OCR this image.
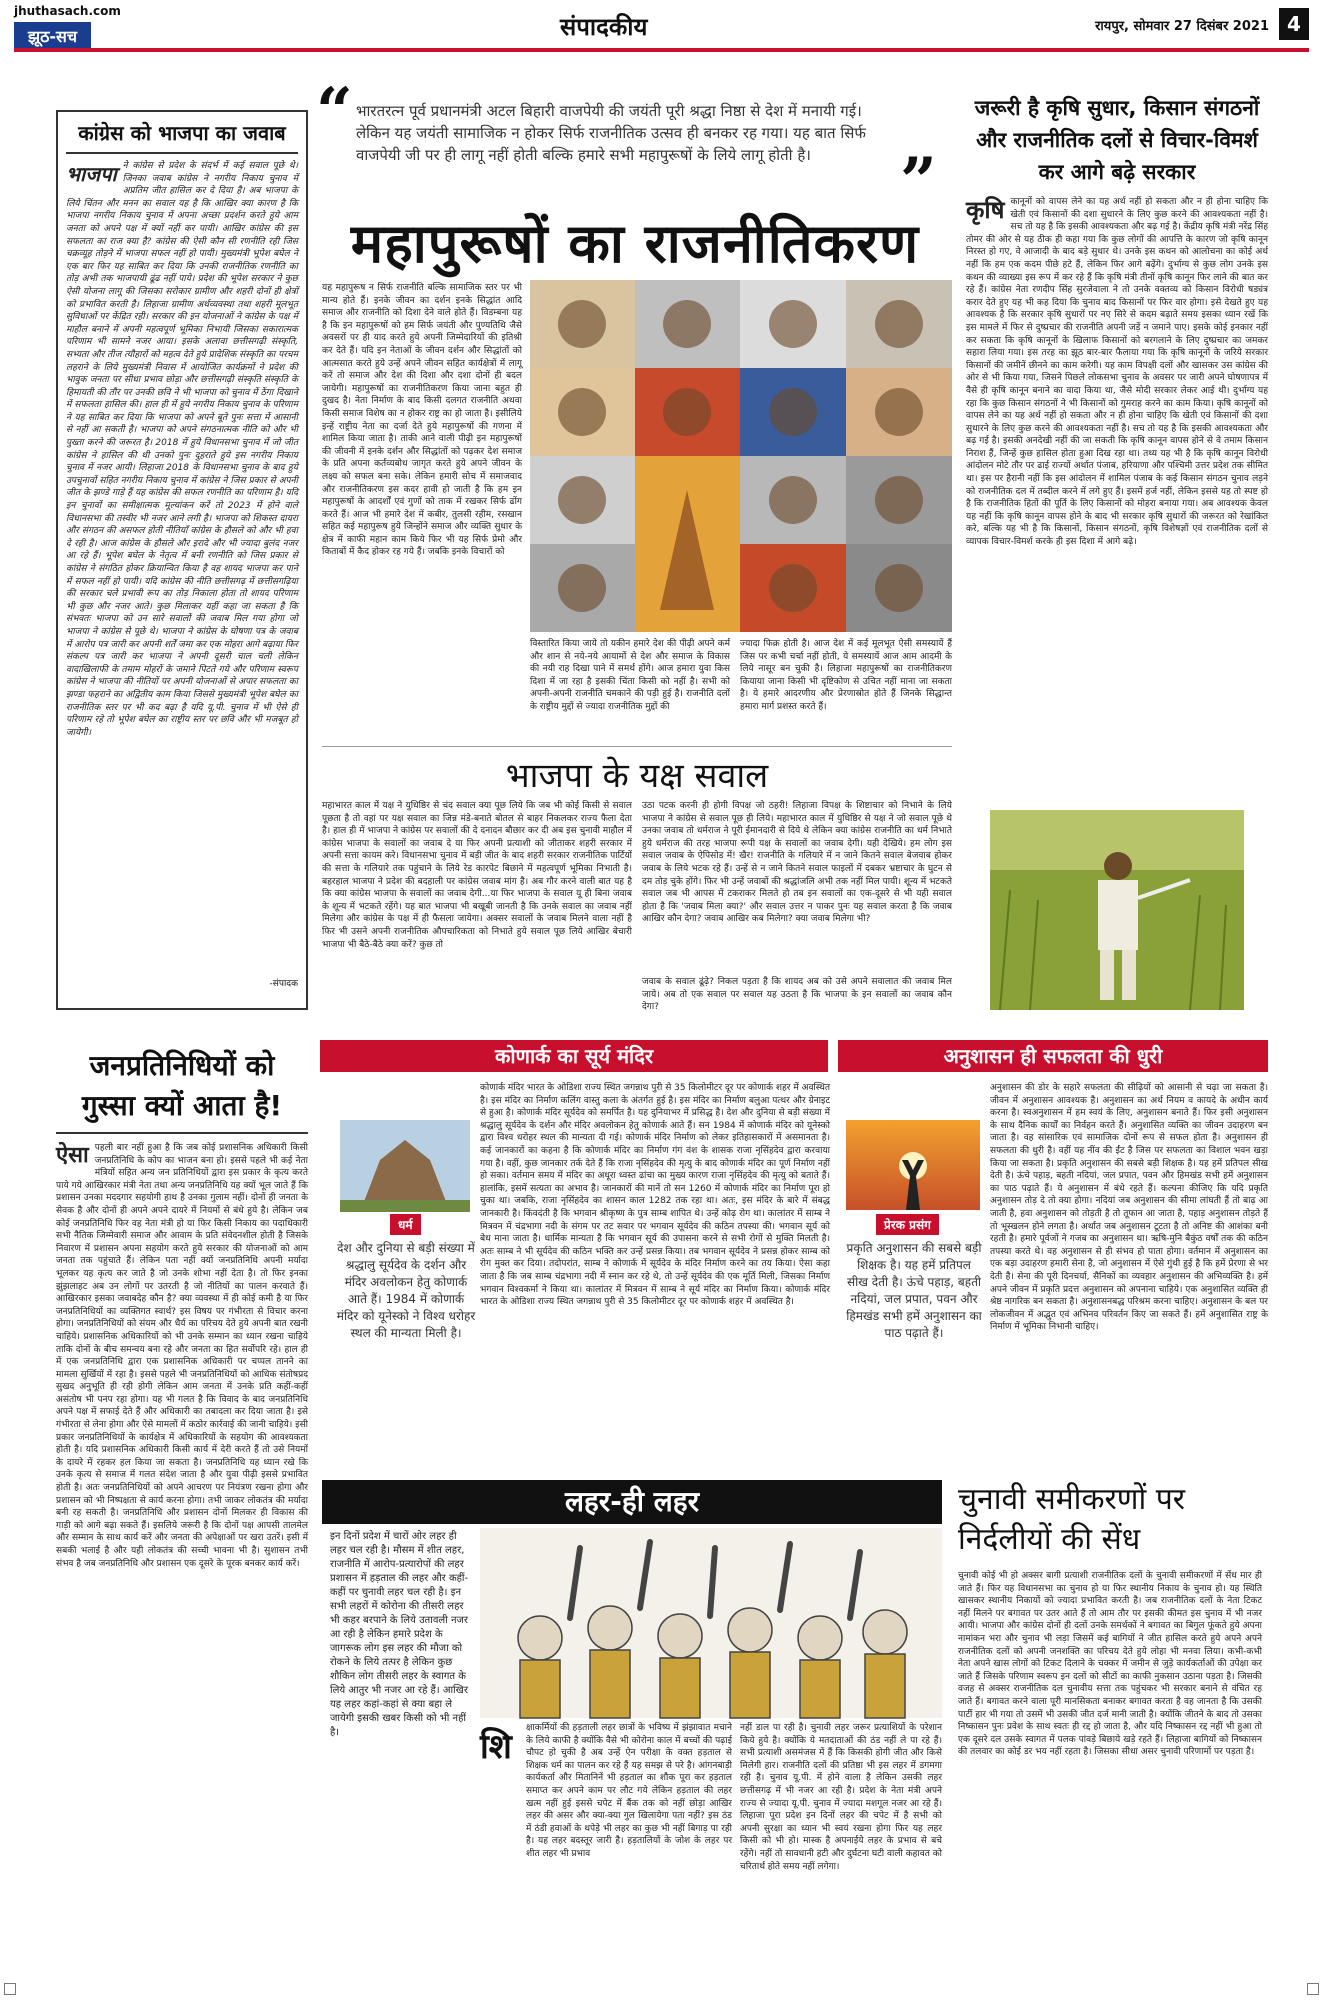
jhuthasach.com
झूठ-सच	संपादकीय	रायपुर, सोमवार 27 दिसंबर 2021 4
कांग्रेस को भाजपा का जवाब
भाजपा ने कांग्रेस से प्रदेश के संदर्भ में कई सवाल पूछे थे। जिनका जवाब कांग्रेस ने नगरीय निकाय चुनाव में अप्रतिम जीत हासिल कर दे दिया है। अब भाजपा के लिये चिंतन और मनन का सवाल यह है कि आखिर क्या कारण है कि भाजपा नगरीय निकाय चुनाव में अपना अच्छा प्रदर्शन करते हुये आम जनता को अपने पक्ष में क्यों नहीं कर पायी। आखिर कांग्रेस की इस सफलता का राज क्या है? कांग्रेस की ऐसी कौन सी रणनीति रही जिस चक्रव्यूह तोड़ने में भाजपा सफल नहीं हो पायी। मुख्यमंत्री भूपेश बघेल ने एक बार फिर यह साबित कर दिया कि उनकी राजनीतिक रणनीति का तोड़ अभी तक भाजपायी ढूंढ नहीं पाये। प्रदेश की भूपेश सरकार ने कुछ ऐसी योजना लागू की जिसका सरोकार ग्रामीण और शहरी दोनों ही क्षेत्रों को प्रभावित करती है। लिहाजा ग्रामीण अर्थव्यवस्था तथा शहरी मूलभूत सुविधाओं पर केंद्रित रही। सरकार की इन योजनाओं ने कांग्रेस के पक्ष में माहौल बनाने में अपनी महत्वपूर्ण भूमिका निभायी जिसका सकारात्मक परिणाम भी सामने नजर आया। इसके अलावा छत्तीसगढ़ी संस्कृति, सभ्यता और तीज त्यौहारों को महत्व देते हुये प्रादेशिक संस्कृति का परचम लहराने के लिये मुख्यमंत्री निवास में आयोजित कार्यक्रमों ने प्रदेश की भावुक जनता पर सीधा प्रभाव छोड़ा और छत्तीसगढ़ी संस्कृति संस्कृति के हिमायती की तौर पर उनकी छवि ने भी भाजपा को चुनाव में ठेंगा दिखाने में सफलता हासिल की। हाल ही में हुये नगरीय निकाय चुनाव के परिणाम ने यह साबित कर दिया कि भाजपा को अपने बूते पुनः सत्ता में आसानी से नहीं आ सकती है। भाजपा को अपने संगठनात्मक नीति को और भी पुख्ता करने की जरूरत है। 2018 में हुये विधानसभा चुनाव में जो जीत कांग्रेस ने हासिल की थी उनको पुनः दुहराते हुये इस नगरीय निकाय चुनाव में नजर आयी। लिहाजा 2018 के विधानसभा चुनाव के बाद हुये उपचुनावों सहित नगरीय निकाय चुनाव में कांग्रेस ने जिस प्रकार से अपनी जीत के झण्डे गाड़े हैं यह कांग्रेस की सफल रणनीति का परिणाम है। यदि इन चुनावों का समीक्षात्मक मूल्यांकन करें तो 2023 में होने वाले विधानसभा की तस्वीर भी नजर आने लगी है। भाजपा को शिकस्त दायरा और संगठन की असफल होती नीतियाँ कांग्रेस के हौसले को और भी हवा दे रही है। आज कांग्रेस के हौसले और इरादे और भी ज्यादा बुलंद नजर आ रहे हैं। भूपेश बघेल के नेतृत्व में बनी रणनीति को जिस प्रकार से कांग्रेस ने संगठित होकर क्रियान्वित किया है वह शायद भाजपा कर पाने में सफल नहीं हो पायी। यदि कांग्रेस की नीति छत्तीसगढ़ में छत्तीसगढ़िया की सरकार चले प्रभावी रूप का तोड़ निकाला होता तो शायद परिणाम भी कुछ और नजर आते। कुछ मिलाकर यहीं कहा जा सकता है कि संभवतः भाजपा को उन सारे सवालों की जवाब मिल गया होगा जो भाजपा ने कांग्रेस से पूछे थे। भाजपा ने कांग्रेस के घोषणा पत्र के जवाब में आरोप पत्र जारी कर अपनी शर्तें जमा कर एक मोहरा आगे बढ़ाया फिर संकल्प पत्र जारी कर भाजपा ने अपनी दूसरी चाल चली लेकिन वादाखिलाफी के तमाम मोहरों के जमाने पिटते गये और परिणाम स्वरूप कांग्रेस ने भाजपा की नीतियों पर अपनी योजनाओं से अपार सफलता का झण्डा फहराने का अद्वितीय काम किया जिससे मुख्यमंत्री भूपेश बघेल का राजनीतिक स्तर पर भी कद बढ़ा है यदि यू.पी. चुनाव में भी ऐसे ही परिणाम रहे तो भूपेश बघेल का राष्ट्रीय स्तर पर छवि और भी मजबूत हो जायेगी।
-संपादक
जनप्रतिनिधियों को गुस्सा क्यों आता है!
ऐसा पहली बार नहीं हुआ है कि जब कोई प्रशासनिक अधिकारी किसी जनप्रतिनिधि के कोप का भाजन बना हो। इससे पहले भी कई नेता मंत्रियों सहित अन्य जन प्रतिनिधियों द्वारा इस प्रकार के कृत्य करते पाये गये आखिरकार मंत्री नेता तथा अन्य जनप्रतिनिधि यह क्यों भूल जाते हैं कि प्रशासन उनका मददगार सहयोगी हाथ है उनका गुलाम नहीं। दोनों ही जनता के सेवक है और दोनों ही अपने अपने दायरे में नियमों से बंधे हुये है। लेकिन जब कोई जनप्रतिनिधि फिर वह नेता मंत्री हो या फिर किसी निकाय का पदाधिकारी सभी नैतिक जिम्मेवारी समाज और आवाम के प्रति संवेदनशील होती है जिसके निवारण में प्रशासन अपना सहयोग करते हुये सरकार की योजनाओं को आम जनता तक पहुंचाते हैं। लेकिन पता नहीं क्यों जनप्रतिनिधि अपनी मर्यादा भूलकर यह कृत्य कर जाते है जो उनके शोभा नहीं देता है। तो फिर इनका झुंझलाहट अब उन लोगों पर उतरती है जो नीतियों का पालन करवाते हैं। आखिरकार इसका जवाबदेह कौन है? क्या व्यवस्था में ही कोई कमी है या फिर जनप्रतिनिधियों का व्यक्तिगत स्वार्थ? इस विषय पर गंभीरता से विचार करना होगा। जनप्रतिनिधियों को संयम और धैर्य का परिचय देते हुये अपनी बात रखनी चाहिये। प्रशासनिक अधिकारियों को भी उनके सम्मान का ध्यान रखना चाहिये ताकि दोनों के बीच समन्वय बना रहे और जनता का हित सर्वोपरि रहे। हाल ही में एक जनप्रतिनिधि द्वारा एक प्रशासनिक अधिकारी पर चप्पल तानने का मामला सुर्खियों में रहा है। इससे पहले भी जनप्रतिनिधियों को आधिक संतोषप्रद सुखद अनुभूति ही रही होगी लेकिन आम जनता में उनके प्रति कहीं-कहीं असंतोष भी पनप रहा होगा। यह भी गलत है कि विवाद के बाद जनप्रतिनिधि अपने पक्ष में सफाई देते हैं और अधिकारी का तबादला कर दिया जाता है। इसे गंभीरता से लेना होगा और ऐसे मामलों में कठोर कार्रवाई की जानी चाहिये। इसी प्रकार जनप्रतिनिधियों के कार्यक्षेत्र में अधिकारियों के सहयोग की आवश्यकता होती है। यदि प्रशासनिक अधिकारी किसी कार्य में देरी करते हैं तो उसे नियमों के दायरे में रहकर हल किया जा सकता है। जनप्रतिनिधि यह ध्यान रखे कि उनके कृत्य से समाज में गलत संदेश जाता है और युवा पीढ़ी इससे प्रभावित होती है। अतः जनप्रतिनिधियों को अपने आचरण पर नियंत्रण रखना होगा और प्रशासन को भी निष्पक्षता से कार्य करना होगा। तभी जाकर लोकतंत्र की मर्यादा बनी रह सकती है। जनप्रतिनिधि और प्रशासन दोनों मिलकर ही विकास की गाड़ी को आगे बढ़ा सकते हैं। इसलिये जरूरी है कि दोनों पक्ष आपसी तालमेल और सम्मान के साथ कार्य करें और जनता की अपेक्षाओं पर खरा उतरें। इसी में सबकी भलाई है और यही लोकतंत्र की सच्ची भावना भी है। सुशासन तभी संभव है जब जनप्रतिनिधि और प्रशासन एक दूसरे के पूरक बनकर कार्य करें।
“ भारतरत्न पूर्व प्रधानमंत्री अटल बिहारी वाजपेयी की जयंती पूरी श्रद्धा निष्ठा से देश में मनायी गई। लेकिन यह जयंती सामाजिक न होकर सिर्फ राजनीतिक उत्सव ही बनकर रह गया। यह बात सिर्फ वाजपेयी जी पर ही लागू नहीं होती बल्कि हमारे सभी महापुरूषों के लिये लागू होती है।	”
महापुरूषों का राजनीतिकरण
यह महापुरूष न सिर्फ राजनीति बल्कि सामाजिक स्तर पर भी मान्य होते हैं। इनके जीवन का दर्शन इनके सिद्धांत आदि समाज और राजनीति को दिशा देने वाले होते हैं। विडम्बना यह है कि इन महापुरूषों को हम सिर्फ जयंती और पुण्यतिथि जैसे अवसरों पर ही याद करते हुये अपनी जिम्मेदारियों की इतिश्री कर देते हैं। यदि इन नेताओं के जीवन दर्शन और सिद्धांतों को आत्मसात करते हुये उन्हें अपने जीवन सहित कार्यक्षेत्रों में लागू करें तो समाज और देश की दिशा और दशा दोनों ही बदल जायेगी। महापुरूषों का राजनीतिकरण किया जाना बहुत ही दुखद है। नेता निर्माण के बाद किसी दलगत राजनीति अथवा किसी समाज विशेष का न होकर राष्ट्र का हो जाता है। इसीलिये इन्हें राष्ट्रीय नेता का दर्जा देते हुये महापुरूषों की गणना में शामिल किया जाता है। ताकी आने वाली पीढ़ी इन महापुरूषों की जीवनी में इनके दर्शन और सिद्धांतों को पढ़कर देश समाज के प्रति अपना कर्तव्यबोध जागृत करते हुये अपने जीवन के लक्ष्य को सफल बना सके। लेकिन हमारी सोच में समाजवाद और राजनीतिकरण इस कदर हावी हो जाती है कि हम इन महापुरूषों के आदर्शों एवं गुणों को ताक में रखकर सिर्फ ढोंग करते हैं। आज भी हमारे देश में कबीर, तुलसी रहीम, रसखान सहित कई महापुरूष हुये जिन्होंने समाज और व्यक्ति सुधार के क्षेत्र में काफी महान काम किये फिर भी यह सिर्फ प्रेमो और किताबों में कैद होकर रह गये हैं। जबकि इनके विचारों को
विस्तारित किया जाये तो यकीन हमारे देश की पीढ़ी अपने कर्म और शान से नये-नये आयामों से देश और समाज के विकास की नयी राह दिखा पाने में समर्थ होंगे। आज हमारा युवा किस दिशा में जा रहा है इसकी चिंता किसी को नहीं है। सभी को अपनी-अपनी राजनीति चमकाने की पड़ी हुई है। राजनीति दलों के राष्ट्रीय मुद्दों से ज्यादा राजनीतिक मुद्दों की
ज्यादा फिक्र होती है। आज देश में कई मूलभूत ऐसी समस्यायें हैं जिस पर कभी चर्चा नहीं होती, ये समस्यायें आज आम आदमी के लिये नासूर बन चुकी है। लिहाजा महापुरूषों का राजनीतिकरण कियाया जाना किसी भी दृष्टिकोण से उचित नहीं माना जा सकता है। ये हमारे आदरणीय और प्रेरणास्रोत होते हैं जिनके सिद्धान्त हमारा मार्ग प्रशस्त करते हैं।
भाजपा के यक्ष सवाल
महाभारत काल में यक्ष ने युधिष्ठिर से चंद सवाल क्या पूछ लिये कि जब भी कोई किसी से सवाल पूछता है तो वहां पर यक्ष सवाल का जिन्न मंडे-बनाते बोतल से बाहर निकलकर राज्य फैला देता है। हाल ही में भाजपा ने कांग्रेस पर सवालों की दे दनादन बौछार कर दी अब इस चुनावी माहौल में कांग्रेस भाजपा के सवालों का जवाब दे या फिर अपनी प्रत्याशी को जीताकर शहरी सरकार में अपनी सत्ता कायम करे। विधानसभा चुनाव में बड़ी जीत के बाद शहरी सरकार राजनीतिक पार्टियों की सत्ता के गलियारे तक पहुंचाने के लिये रेड कारपेट बिछाने में महत्वपूर्ण भूमिका निभाती है। बहरहाल भाजपा ने प्रदेश की बदहाली पर कांग्रेस जवाब मांग है। अब गौर करने वाली बात यह है कि क्या कांग्रेस भाजपा के सवालों का जवाब देगी...या फिर भाजपा के सवाल यू ही बिना जवाब के शून्य में भटकते रहेंगे। यह बात भाजपा भी बखूबी जानती है कि उनके सवाल का जवाब नहीं मिलेगा और कांग्रेस के पक्ष में ही फैसला जायेगा। अक्सर सवालों के जवाब मिलने वाला नहीं है फिर भी उसने अपनी राजनीतिक औपचारिकता को निभाते हुये सवाल पूछ लिये आखिर बेचारी भाजपा भी बैठे-बैठे क्या करें? कुछ तो
उठा पटक करनी ही होगी विपक्ष जो ठहरी! लिहाजा विपक्ष के शिष्टाचार को निभाने के लिये भाजपा ने कांग्रेस से सवाल पूछ ही लिये। महाभारत काल में युधिष्ठिर से यक्ष ने जो सवाल पूछे थे उनका जवाब तो धर्मराज ने पूरी ईमानदारी से दिये थे लेकिन क्या कांग्रेस राजनीति का धर्म निभाते हुये धर्मराज की तरह भाजपा रूपी यक्ष के सवालों का जवाब देगी। यही देखिये। हम लोग इस सवाल जवाब के ऐपिसोड में! खैर! राजनीति के गलियारे में न जाने कितने सवाल बेजवाब होकर जवाब के लिये भटक रहे हैं। उन्हें से न जाने कितने सवाल फाइलों में दबकर भ्रष्टाचार के घुटन से दम तोड़ चुके होंगे। फिर भी उन्हें जवाबों की श्रद्धांजलि अभी तक नहीं मिल पायी। शून्य में भटकते सवाल जब भी आपस में टकराकर मिलते हो तब इन सवालों का एक-दूसरे से भी यही सवाल होता है कि 'जवाब मिला क्या?' और सवाल उत्तर न पाकर पुनः यह सवाल करता है कि जवाब आखिर कौन देगा? जवाब आखिर कब मिलेगा? क्या जवाब मिलेगा भी?
जवाब के सवाल ढूंढ़े? निकल पड़ता है कि शायद अब को उसे अपने सवालात की जवाब मिल जाये। अब तो एक सवाल पर सवाल यह उठता है कि भाजपा के इन सवालों का जवाब कौन देगा?
जरूरी है कृषि सुधार, किसान संगठनों और राजनीतिक दलों से विचार-विमर्श कर आगे बढ़े सरकार
कृषि कानूनों को वापस लेने का यह अर्थ नहीं हो सकता और न ही होना चाहिए कि खेती एवं किसानों की दशा सुधारने के लिए कुछ करने की आवश्यकता नहीं है। सच तो यह है कि इसकी आवश्यकता और बढ़ गई है। केंद्रीय कृषि मंत्री नरेंद्र सिंह तोमर की ओर से यह ठीक ही कहा गया कि कुछ लोगों की आपत्ति के कारण जो कृषि कानून निरस्त हो गए, वे आजादी के बाद बड़े सुधार थे। उनके इस कथन को आलोचना का कोई अर्थ नहीं कि हम एक कदम पीछे हटे हैं, लेकिन फिर आगे बढ़ेंगे। दुर्भाग्य से कुछ लोग उनके इस कथन की व्याख्या इस रूप में कर रहे हैं कि कृषि मंत्री तीनों कृषि कानून फिर लाने की बात कर रहे हैं। कांग्रेस नेता रणदीप सिंह सुरजेवाला ने तो उनके वक्तव्य को किसान विरोधी षड्यंत्र करार देते हुए यह भी कह दिया कि चुनाव बाद किसानों पर फिर वार होगा। इसे देखते हुए यह आवश्यक है कि सरकार कृषि सुधारों पर नए सिरे से कदम बढ़ाते समय इसका ध्यान रखें कि इस मामले में फिर से दुष्प्रचार की राजनीति अपनी जड़ें न जमाने पाए। इसके कोई इनकार नहीं कर सकता कि कृषि कानूनों के खिलाफ किसानों को बरगलाने के लिए दुष्प्रचार का जमकर सहारा लिया गया। इस तरह का झूठ बार-बार फैलाया गया कि कृषि कानूनों के जरिये सरकार किसानों की जमीनें छीनने का काम करेगी। यह काम विपक्षी दलों और खासकर उस कांग्रेस की ओर से भी किया गया, जिसने पिछले लोकसभा चुनाव के अवसर पर जारी अपने घोषणापत्र में वैसे ही कृषि कानून बनाने का वादा किया था, जैसे मोदी सरकार लेकर आई थी। दुर्भाग्य यह रहा कि कुछ किसान संगठनों ने भी किसानों को गुमराह करने का काम किया। कृषि कानूनों को वापस लेने का यह अर्थ नहीं हो सकता और न ही होना चाहिए कि खेती एवं किसानों की दशा सुधारने के लिए कुछ करने की आवश्यकता नहीं है। सच तो यह है कि इसकी आवश्यकता और बढ़ गई है। इसकी अनदेखी नहीं की जा सकती कि कृषि कानून वापस होने से वे तमाम किसान निराश हैं, जिन्हें कुछ हासिल होता हुआ दिख रहा था। तथ्य यह भी है कि कृषि कानून विरोधी आंदोलन मोटे तौर पर ढाई राज्यों अर्थात पंजाब, हरियाणा और पश्चिमी उत्तर प्रदेश तक सीमित था। इस पर हैरानी नहीं कि इस आंदोलन में शामिल पंजाब के कई किसान संगठन चुनाव लड़ने को राजनीतिक दल में तब्दील करने में लगे हुए हैं। इसमें हर्ज नहीं, लेकिन इससे यह तो स्पष्ट हो है कि राजनीतिक हितों की पूर्ति के लिए किसानों को मोहरा बनाया गया। अब आवश्यक केवल यह नहीं कि कृषि कानून वापस होने के बाद भी सरकार कृषि सुधारों की जरूरत को रेखांकित करे, बल्कि यह भी है कि किसानों, किसान संगठनों, कृषि विशेषज्ञों एवं राजनीतिक दलों से व्यापक विचार-विमर्श करके ही इस दिशा में आगे बढ़े।
कोणार्क का सूर्य मंदिर
धर्म
देश और दुनिया से बड़ी संख्या में श्रद्धालु सूर्यदेव के दर्शन और मंदिर अवलोकन हेतु कोणार्क आते हैं। 1984 में कोणार्क मंदिर को यूनेस्को ने विश्व धरोहर स्थल की मान्यता मिली है।
कोणार्क मंदिर भारत के ओडिशा राज्य स्थित जगन्नाथ पुरी से 35 किलोमीटर दूर पर कोणार्क शहर में अवस्थित है। इस मंदिर का निर्माण कलिंग वास्तु कला के अंतर्गत हुई है। इस मंदिर का निर्माण बलुआ पत्थर और ग्रेनाइट से हुआ है। कोणार्क मंदिर सूर्यदेव को समर्पित है। यह दुनियाभर में प्रसिद्ध है। देश और दुनिया से बड़ी संख्या में श्रद्धालु सूर्यदेव के दर्शन और मंदिर अवलोकन हेतु कोणार्क आते हैं। सन 1984 में कोणार्क मंदिर को यूनेस्को द्वारा विश्व धरोहर स्थल की मान्यता दी गई। कोणार्क मंदिर निर्माण को लेकर इतिहासकारों में असमानता है। कई जानकारों का कहना है कि कोणार्क मंदिर का निर्माण गंग वंश के शासक राजा नृसिंहदेव द्वारा करवाया गया है। वहीं, कुछ जानकार तर्क देते हैं कि राजा नृसिंहदेव की मृत्यु के बाद कोणार्क मंदिर का पूर्ण निर्माण नहीं हो सका। वर्तमान समय में मंदिर का अधूरा ध्वस्त ढांचा का मुख्य कारण राजा नृसिंहदेव की मृत्यु को बताते हैं। हालांकि, इसमें सत्यता का अभाव है। जानकारों की मानें तो सन 1260 में कोणार्क मंदिर का निर्माण पूरा हो चुका था। जबकि, राजा नृसिंहदेव का शासन काल 1282 तक रहा था। अतः, इस मंदिर के बारे में संबद्ध जानकारी है। किंवदंती है कि भगवान श्रीकृष्ण के पुत्र साम्ब शापित थे। उन्हें कोढ़ रोग था। कालांतर में साम्ब ने मित्रवन में चंद्रभागा नदी के संगम पर तट सवार पर भगवान सूर्यदेव की कठिन तपस्या की। भगवान सूर्य को बेध माना जाता है। धार्मिक मान्यता है कि भगवान सूर्य की उपासना करने से सभी रोगों से मुक्ति मिलती है। अतः साम्ब ने भी सूर्यदेव की कठिन भक्ति कर उन्हें प्रसन्न किया। तब भगवान सूर्यदेव ने प्रसन्न होकर साम्ब को रोग मुक्त कर दिया। तदोपरांत, साम्ब ने कोणार्क में सूर्यदेव के मंदिर निर्माण करने का तय किया। ऐसा कहा जाता है कि जब साम्ब चंद्रभागा नदी में स्नान कर रहे थे, तो उन्हें सूर्यदेव की एक मूर्ति मिली, जिसका निर्माण भगवान विश्वकर्मा ने किया था। कालांतर में मित्रवन में साम्ब ने सूर्य मंदिर का निर्माण किया। कोणार्क मंदिर भारत के ओडिशा राज्य स्थित जगन्नाथ पुरी से 35 किलोमीटर दूर पर कोणार्क शहर में अवस्थित है।
अनुशासन ही सफलता की धुरी
प्रेरक प्रसंग
प्रकृति अनुशासन की सबसे बड़ी शिक्षक है। यह हमें प्रतिपल सीख देती है। ऊंचे पहाड़, बहती नदियां, जल प्रपात, पवन और हिमखंड सभी हमें अनुशासन का पाठ पढ़ाते हैं।
अनुशासन की डोर के सहारे सफलता की सीढ़ियों को आसानी से चढ़ा जा सकता है। जीवन में अनुशासन आवश्यक है। अनुशासन का अर्थ नियम व कायदे के अधीन कार्य करना है। स्वअनुशासन में हम स्वयं के लिए, अनुशासन बनाते हैं। फिर इसी अनुशासन के साथ दैनिक कार्यों का निर्वहन करते हैं। अनुशासित व्यक्ति का जीवन उदाहरण बन जाता है। वह सांसारिक एवं सामाजिक दोनों रूप से सफल होता है। अनुशासन ही सफलता की धुरी है। वहीं यह नींव की ईंट है जिस पर सफलता का विशाल भवन खड़ा किया जा सकता है। प्रकृति अनुशासन की सबसे बड़ी शिक्षक है। यह हमें प्रतिपल सीख देती है। ऊंचे पहाड़, बहती नदियां, जल प्रपात, पवन और हिमखंड सभी हमें अनुशासन का पाठ पढ़ाते हैं। ये अनुशासन में बंधे रहते हैं। कल्पना कीजिए कि यदि प्रकृति अनुशासन तोड़ दे तो क्या होगा। नदियां जब अनुशासन की सीमा लांघती हैं तो बाढ़ आ जाती है, हवा अनुशासन को तोड़ती है तो तूफान आ जाता है, पहाड़ अनुशासन तोड़ते हैं तो भूस्खलन होने लगता है। अर्थात जब अनुशासन टूटता है तो अनिष्ट की आशंका बनी रहती है। हमारे पूर्वजों ने गजब का अनुशासन था। ऋषि-मुनि बैकुंठ वर्षों तक की कठिन तपस्या करते थे। वह अनुशासन से ही संभव हो पाता होगा। वर्तमान में अनुशासन का एक बड़ा उदाहरण हमारी सेना है, जो अनुशासन में ऐसे गुंथी हुई है कि हमें प्रेरणा से भर देती है। सेना की पूरी दिनचर्या, सैनिकों का व्यवहार अनुशासन की अभिव्यक्ति है। हमें अपने जीवन में प्रकृति प्रदत्त अनुशासन को अपनाना चाहिये। एक अनुशासित व्यक्ति ही श्रेष्ठ नागरिक बन सकता है। अनुशासनबद्ध परिश्रम करना चाहिए। अनुशासन के बल पर लोकजीवन में अद्भुत एवं अभिनव परिवर्तन किए जा सकते हैं। हमें अनुशासित राष्ट्र के निर्माण में भूमिका निभानी चाहिए।
लहर-ही लहर
इन दिनों प्रदेश में चारों ओर लहर ही लहर चल रही है। मौसम में शीत लहर, राजनीति में आरोप-प्रत्यारोपों की लहर प्रशासन में हड़ताल की लहर और कहीं-कहीं पर चुनावी लहर चल रही है। इन सभी लहरों में कोरोना की तीसरी लहर भी कहर बरपाने के लिये उतावली नजर आ रही है लेकिन हमारे प्रदेश के जागरूक लोग इस लहर की मौजा को रोकने के लिये तत्पर है लेकिन कुछ शौकिन लोग तीसरी लहर के स्वागत के लिये आतुर भी नजर आ रहे हैं। आखिर यह लहर कहां-कहां से क्या बहा ले जायेगी इसकी खबर किसी को भी नहीं है।	शि क्षाकर्मियों की हड़ताली लहर छात्रों के भविष्य में झंझावात मचाने के लिये काफी है क्योंकि वैसे भी कोरोना काल में बच्चों की पढ़ाई चौपट हो चुकी है अब उन्हें ऐन परीक्षा के वक्त हड़ताल से शिक्षक धर्म का पालन कर रहे हैं यह समझ से परे है। आंगनबाड़ी कार्यकर्ता और मितानिनें भी हड़ताल का शौक पूरा कर हड़ताल समाप्त कर अपने काम पर लौट गये लेकिन हड़ताल की लहर खत्म नहीं हुई इससे चपेट में बैंक तक को नहीं छोड़ा आखिर लहर की असर और क्या-क्या गुल खिलायेगा पता नहीं? इस ठंड में ठंडी हवाओं के थपेड़े भी लहर का कुछ भी नहीं बिगाड़ पा रही है। यह लहर बदस्तूर जारी है। हड़तालियों के जोश के लहर पर शीत लहर भी प्रभाव
नहीं डाल पा रही है। चुनावी लहर जरूर प्रत्याशियों के परेशान किये हुये है। क्योंकि ये मतदाताओं की ठंड नहीं ले पा रहे हैं। सभी प्रत्याशी असमंजस में हैं कि किसकी होगी जीत और किसे मिलेगी हार। राजनीति दलों की प्रतिष्ठा भी इस लहर में डगमगा रही है। चुनाव यू.पी. में होने वाला है लेकिन उसकी लहर छत्तीसगढ़ में भी नजर आ रही है। प्रदेश के नेता मंत्री अपने राज्य से ज्यादा यू.पी. चुनाव में ज्यादा मशगूल नजर आ रहे हैं। लिहाजा पूरा प्रदेश इन दिनों लहर की चपेट में है सभी को अपनी सुरक्षा का ध्यान भी स्वयं रखना होगा फिर यह लहर किसी को भी हो। मास्क है अपनाईये लहर के प्रभाव से बचे रहेंगे। नहीं तो सावधानी हटी और दुर्घटना घटी वाली कहावत को चरितार्थ होते समय नहीं लगेगा।
चुनावी समीकरणों पर निर्दलीयों की सेंध
चुनावी कोई भी हो अक्सर बागी प्रत्याशी राजनीतिक दलों के चुनावी समीकरणों में सेंध मार ही जाते हैं। फिर यह विधानसभा का चुनाव हो या फिर स्थानीय निकाय के चुनाव हो। यह स्थिति खासकर स्थानीय निकायों को ज्यादा प्रभावित करती है। जब राजनीतिक दलों के नेता टिकट नहीं मिलने पर बगावत पर उतर आते हैं तो आम तौर पर इसकी कीमत इस चुनाव में भी नजर आयी। भाजपा और कांग्रेस दोनों ही दलों उनके समर्थकों ने बगावत का बिगुल फूंकते हुये अपना नामांकन भरा और चुनाव भी लड़ा जिसमें कई बागियों ने जीत हासिल करते हुये अपने अपने राजनीतिक दलों को अपनी जनशक्ति का परिचय देते हुये लोहा भी मनवा लिया। कभी-कभी नेता अपने खास लोगों को टिकट दिलाने के चक्कर में जमीन से जुड़े कार्यकर्ताओं की उपेक्षा कर जाते हैं जिसके परिणाम स्वरूप इन दलों को सीटों का काफी नुकसान उठाना पड़ता है। जिसकी वजह से अक्सर राजनीतिक दल चुनावीय सत्ता तक पहुंचकर भी सरकार बनाने से वंचित रह जाते हैं। बगावत करने वाला पूरी मानसिकता बनाकर बगावत करता है वह जानता है कि उसकी पार्टी हार भी गया तो उसमें भी उसकी जीत दर्ज मानी जाती है। क्योंकि जीतने के बाद तो उसका निष्कासन पुनः प्रवेश के साथ स्वतः ही रद्द हो जाता है, और यदि निष्कासन रद्द नहीं भी हुआ तो एक दूसरे दल उसके स्वागत में पलक पांवड़े बिछाये खड़े रहते हैं। लिहाजा बागियों को निष्कासन की तलवार का कोई डर भय नहीं रहता है। जिसका सीधा असर चुनावी परिणामों पर पड़ता है।
